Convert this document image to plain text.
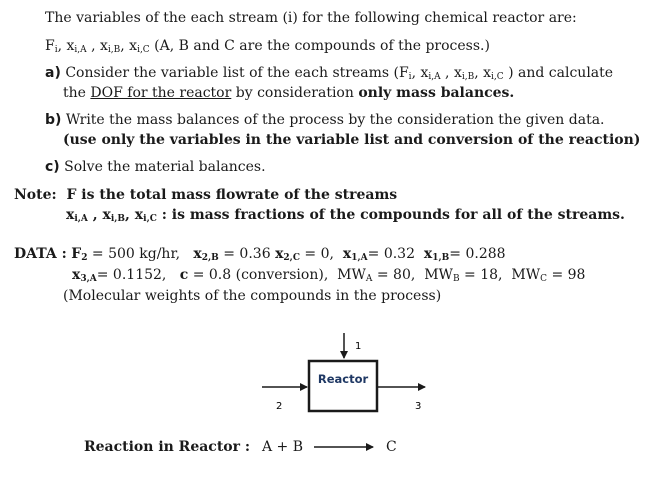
The variables of the each stream (i) for the following chemical reactor are:
$F_i$, $x_{i,A}$ , $x_{i,B}$, $x_{i,C}$ (A, B and C are the compounds of the process.)
a) Consider the variable list of the each streams ($F_i$, $x_{i,A}$ , $x_{i,B}$, $x_{i,C}$ ) and calculate
the DOF for the reactor by consideration only mass balances.
b) Write the mass balances of the process by the consideration the given data.
(use only the variables in the variable list and conversion of the reaction)
c) Solve the material balances.
Note: F is the total mass flowrate of the streams
$x_{i,A}$ , $x_{i,B}$, $x_{i,C}$ : is mass fractions of the compounds for all of the streams.
DATA : $F_2 = 500$ kg/hr, $x_{2,B} = 0.36$ $x_{2,C} = 0$, $x_{1,A}= 0.32$ $x_{1,B}= 0.288$
$x_{3,A}= 0.1152$, c = 0.8 (conversion), $MW_A = 80$, $MW_B = 18$, $MW_C = 98$
(Molecular weights of the compounds in the process)
1
2
Reactor
3
Reaction in Reactor : A + B	C
